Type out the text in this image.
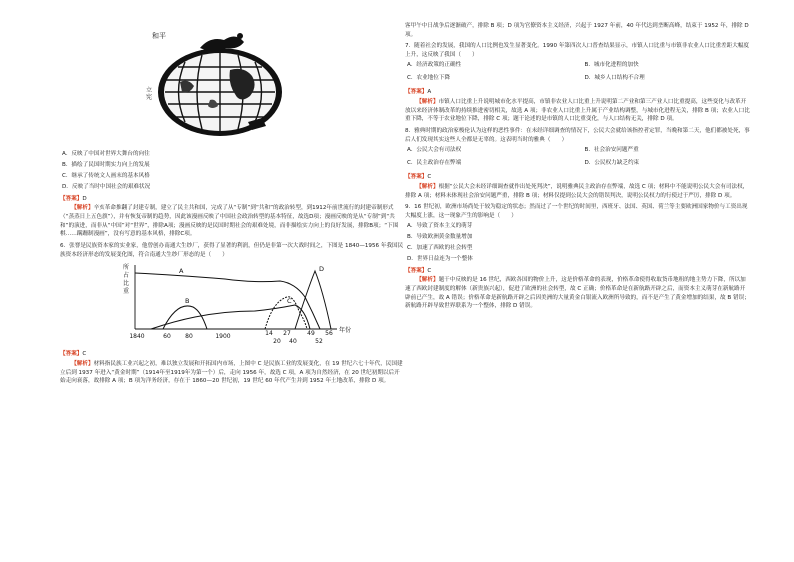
和平
立
宪

A．反映了中国对世界大舞台的向往

B．描绘了民国时期实力向上的发展

C．继承了传统文人画末的基本风格

D．反映了当时中国社会的艰难状况

【答案】D

【解析】辛亥革命推翻了封建专制，建立了民主共和国，完成了从“专制”到“共和”的政治转型，到1912年前世流行的封建帝制形式（“蒸蒸日上五色旗”），并有恢复帝制的趋势，因此该漫画反映了中国社会政治转型的基本特征，故选D项；漫画反映的是从“专制”到“共和”的演进，而非从“中国”对“世界”，排除A项；漫画反映的是民国时期社会的艰难处境，而非描绘实力向上的良好发展，排除B项；“下围棋……蹒跚制漫画”，没有写意的基本风格，排除C项。

6．张謇是民族资本家的实业家，他曾创办南通大生纱厂，获得了显著的利润，但仍是非第一次大战时间之，下图是 1840—1956 年我国民族资本经济形态的发展变化图，符合南通大生纱厂形态的是（　　）

所
占
比
重
A
B	C
D
1840	60 80	1900	14 27
20 40
49
52
56 年份

【答案】C

【解析】材料指民族工业兴起之初，难以独立发展和开拓国内市场，上图中 C 是民族工业的发展变化，在 19 世纪六七十年代，民国建立后到 1937 年进入“黄金时期”（1914年至1919年为第一个）后，走向 1956 年，故选 C 项，A 项为自然经济，在 20 世纪初期以后开始走向衰落，故排除 A 项；B 项为洋务经济，存在于 1860—20 世纪初，19 世纪 60 年代产生并到 1952 年土地改革，排除 D 项。

客甲午中日战争后逐渐破产，排除 B 项；D 项为官僚资本主义经济，兴起于 1927 年前，40 年代达到垄断高峰，结束于 1952 年，排除 D 项。

7．随着社会的发展，我国的人口比例也发生显著变化。1990 年第四次人口普查结果显示，市镇人口比重与市镇非农业人口比重差距大幅度上升，这反映了我国（　　）

A．经济政策的正确性	B．城市化进程的加快

C．农业地位下降	D．城乡人口结构不合理

【答案】A

【解析】市镇人口比重上升说明城市化水平提高，市镇非农业人口比重上升说明第二产业和第三产业人口比重提高，这些变化与改革开放以来经济体制改革的持续推进密切相关，故选 A 项；非农业人口比重上升属于产业结构调整，与城市化进程无关，排除 B 项；农业人口比重下降，不等于农业地位下降，排除 C 项；题干论述的是市镇的人口比重变化，与人口结构无关，排除 D 项。

8．雅典时期的政治家梭伦认为这样的恶性事件：在未经详细调查的情况下，公民大会就给该指控者定罪，当晚和第二天，他们都被处死，事后人们发现其实这些人全都是无辜的。这表明当时的雅典（　　）

A．公民大会有司法权	B．社会治安问题严重

C．民主政治存在弊端	D．公民权力缺乏约束

【答案】C

【解析】根据“公民大会未经详细调查就作出处死判决”，说明雅典民主政治存在弊端，故选 C 项；材料中不能说明公民大会有司法权，排除 A 项；材料未体现社会治安问题严重，排除 B 项；材料仅提到公民大会的错误判决，说明公民权力的行使过于严厉，排除 D 项。

9．16 世纪初，欧洲市场尚处于较为稳定的状态；然而过了一个世纪的时间里，西班牙、法国、英国、荷兰等主要欧洲国家物价与工资出现大幅度上涨，这一现象产生的影响是（　　）

A．导致了资本主义的萌芽

B．导致欧洲黄金数量增加

C．加速了西欧的社会转型

D．世界日益连为一个整体

【答案】C

【解析】题干中反映的是 16 世纪，西欧各国的物价上升，这是价格革命的表现，价格革命使得收取货币地租的地主势力下降，所以加速了西欧封建制度的解体（新贵族兴起），促进了欧洲的社会转型，故 C 正确；价格革命是在新航路开辟之后，而资本主义萌芽在新航路开辟前已产生，故 A 错误；价格革命是新航路开辟之后因美洲的大量黄金白银流入欧洲所导致的，而不是产生了黄金增加的结果，故 B 错误；新航路开辟导致世界联系为一个整体，排除 D 错误。
